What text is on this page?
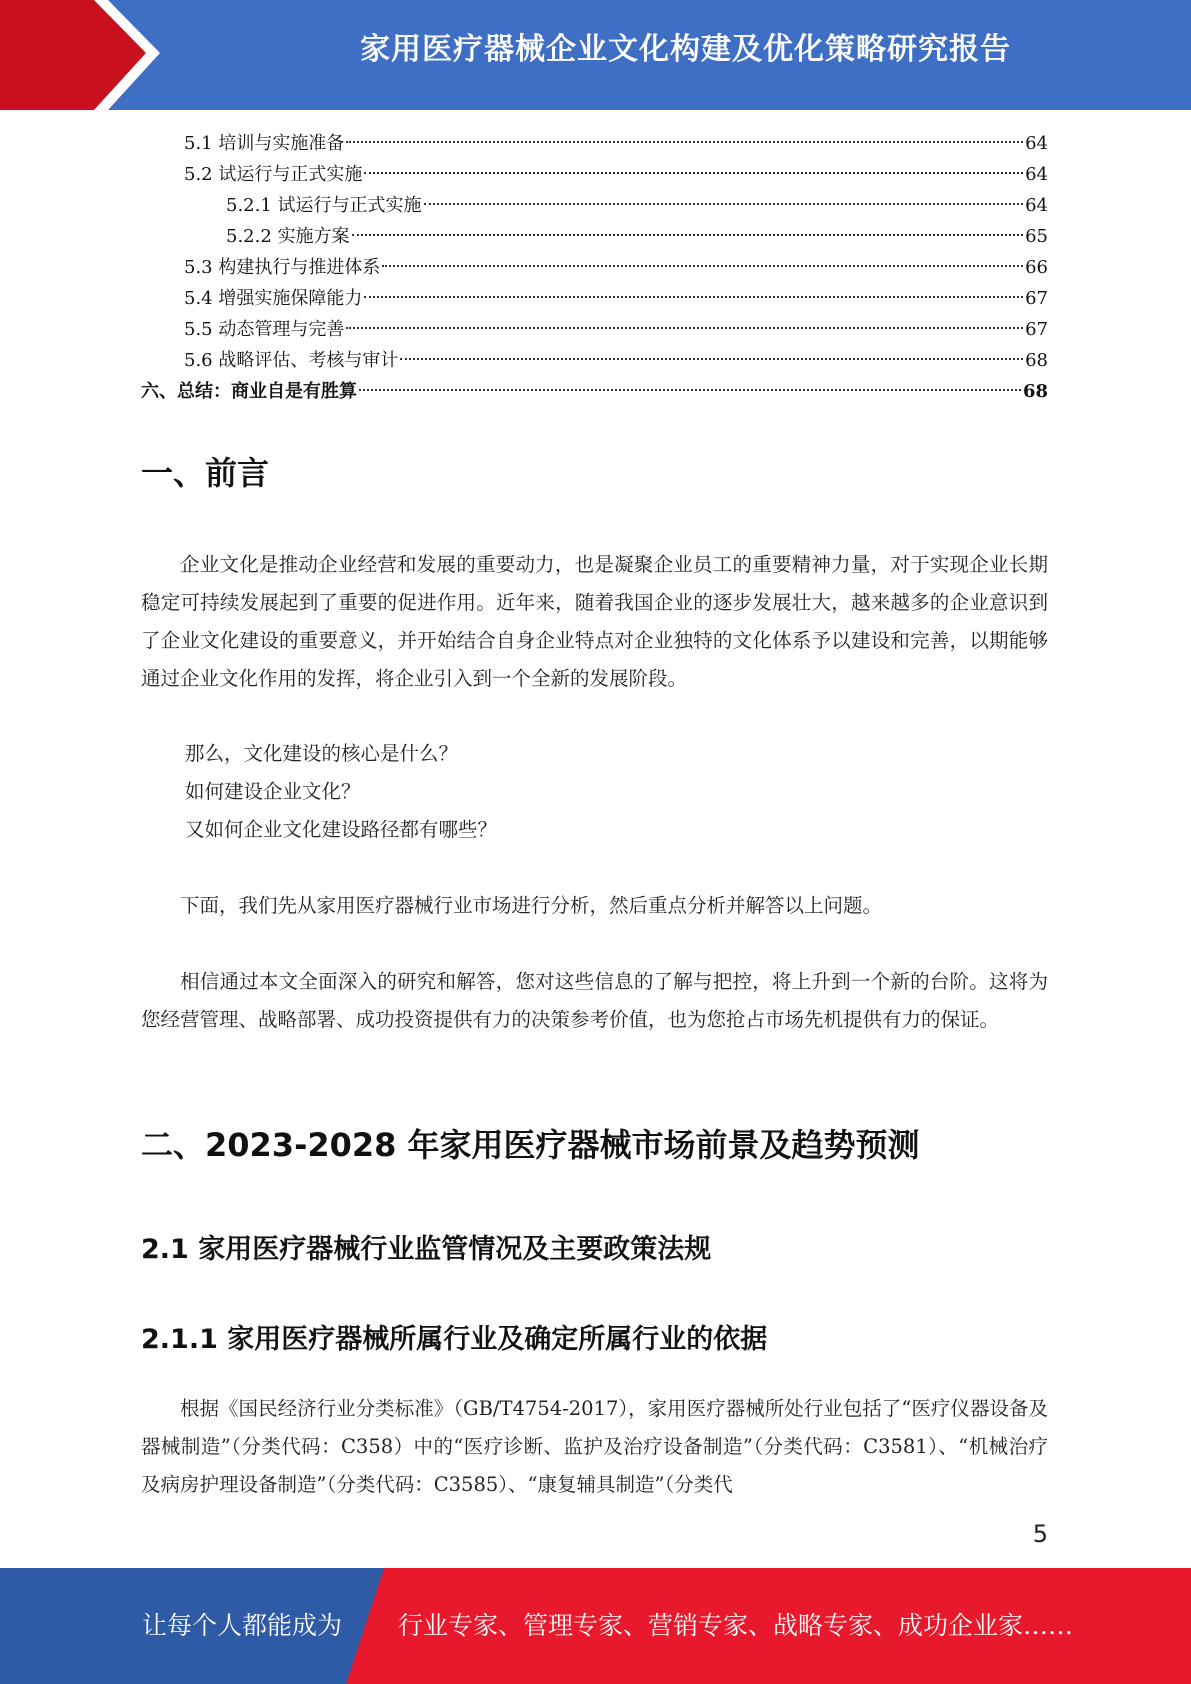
家用医疗器械企业文化构建及优化策略研究报告
5.1 培训与实施准备	64
5.2 试运行与正式实施	64
5.2.1 试运行与正式实施	64
5.2.2 实施方案	65
5.3 构建执行与推进体系	66
5.4 增强实施保障能力	67
5.5 动态管理与完善	67
5.6 战略评估、考核与审计	68
六、总结：商业自是有胜算	68
一、前言

企业文化是推动企业经营和发展的重要动力，也是凝聚企业员工的重要精神力量，对于实现企业长期稳定可持续发展起到了重要的促进作用。近年来，随着我国企业的逐步发展壮大，越来越多的企业意识到了企业文化建设的重要意义，并开始结合自身企业特点对企业独特的文化体系予以建设和完善，以期能够通过企业文化作用的发挥，将企业引入到一个全新的发展阶段。

那么，文化建设的核心是什么？
如何建设企业文化？
又如何企业文化建设路径都有哪些？

下面，我们先从家用医疗器械行业市场进行分析，然后重点分析并解答以上问题。

相信通过本文全面深入的研究和解答，您对这些信息的了解与把控，将上升到一个新的台阶。这将为您经营管理、战略部署、成功投资提供有力的决策参考价值，也为您抢占市场先机提供有力的保证。

二、2023-2028 年家用医疗器械市场前景及趋势预测
2.1 家用医疗器械行业监管情况及主要政策法规
2.1.1 家用医疗器械所属行业及确定所属行业的依据

根据《国民经济行业分类标准》（GB/T4754-2017），家用医疗器械所处行业包括了“医疗仪器设备及器械制造”（分类代码：C358）中的“医疗诊断、监护及治疗设备制造”（分类代码：C3581）、“机械治疗及病房护理设备制造”（分类代码：C3585）、“康复辅具制造”（分类代

5
让每个人都能成为 行业专家、管理专家、营销专家、战略专家、成功企业家……
